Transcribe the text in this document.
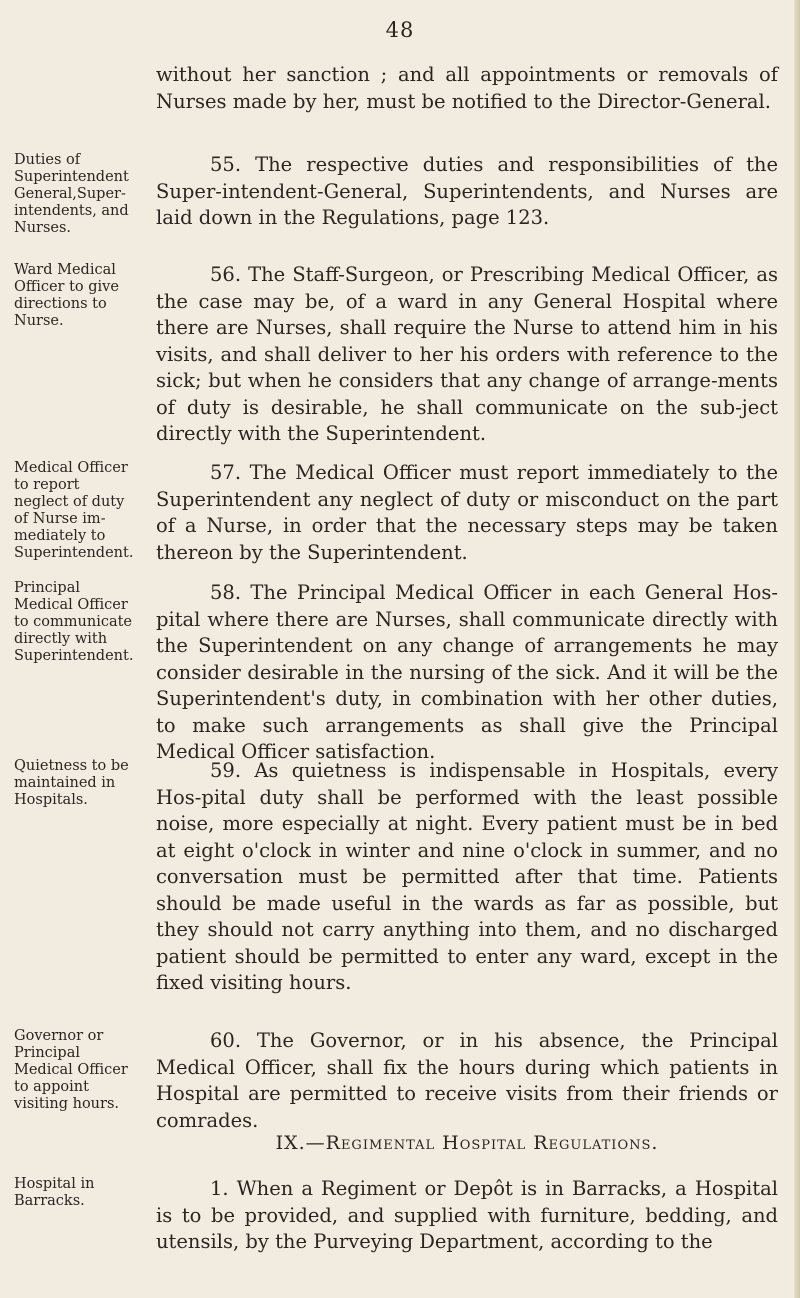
48
without her sanction ; and all appointments or removals of Nurses made by her, must be notified to the Director-General.
Duties of
Superintendent
General,Super-
intendents, and
Nurses.
55. The respective duties and responsibilities of the Super-intendent-General, Superintendents, and Nurses are laid down in the Regulations, page 123.
Ward Medical
Officer to give
directions to
Nurse.
56. The Staff-Surgeon, or Prescribing Medical Officer, as the case may be, of a ward in any General Hospital where there are Nurses, shall require the Nurse to attend him in his visits, and shall deliver to her his orders with reference to the sick; but when he considers that any change of arrange-ments of duty is desirable, he shall communicate on the sub-ject directly with the Superintendent.
Medical Officer
to report
neglect of duty
of Nurse im-
mediately to
Superintendent.
57. The Medical Officer must report immediately to the Superintendent any neglect of duty or misconduct on the part of a Nurse, in order that the necessary steps may be taken thereon by the Superintendent.
Principal
Medical Officer
to communicate
directly with
Superintendent.
58. The Principal Medical Officer in each General Hos-pital where there are Nurses, shall communicate directly with the Superintendent on any change of arrangements he may consider desirable in the nursing of the sick. And it will be the Superintendent's duty, in combination with her other duties, to make such arrangements as shall give the Principal Medical Officer satisfaction.
Quietness to be
maintained in
Hospitals.
59. As quietness is indispensable in Hospitals, every Hos-pital duty shall be performed with the least possible noise, more especially at night. Every patient must be in bed at eight o'clock in winter and nine o'clock in summer, and no conversation must be permitted after that time. Patients should be made useful in the wards as far as possible, but they should not carry anything into them, and no discharged patient should be permitted to enter any ward, except in the fixed visiting hours.
Governor or
Principal
Medical Officer
to appoint
visiting hours.
60. The Governor, or in his absence, the Principal Medical Officer, shall fix the hours during which patients in Hospital are permitted to receive visits from their friends or comrades.
IX.—Regimental Hospital Regulations.
Hospital in
Barracks.
1. When a Regiment or Depôt is in Barracks, a Hospital is to be provided, and supplied with furniture, bedding, and utensils, by the Purveying Department, according to the
